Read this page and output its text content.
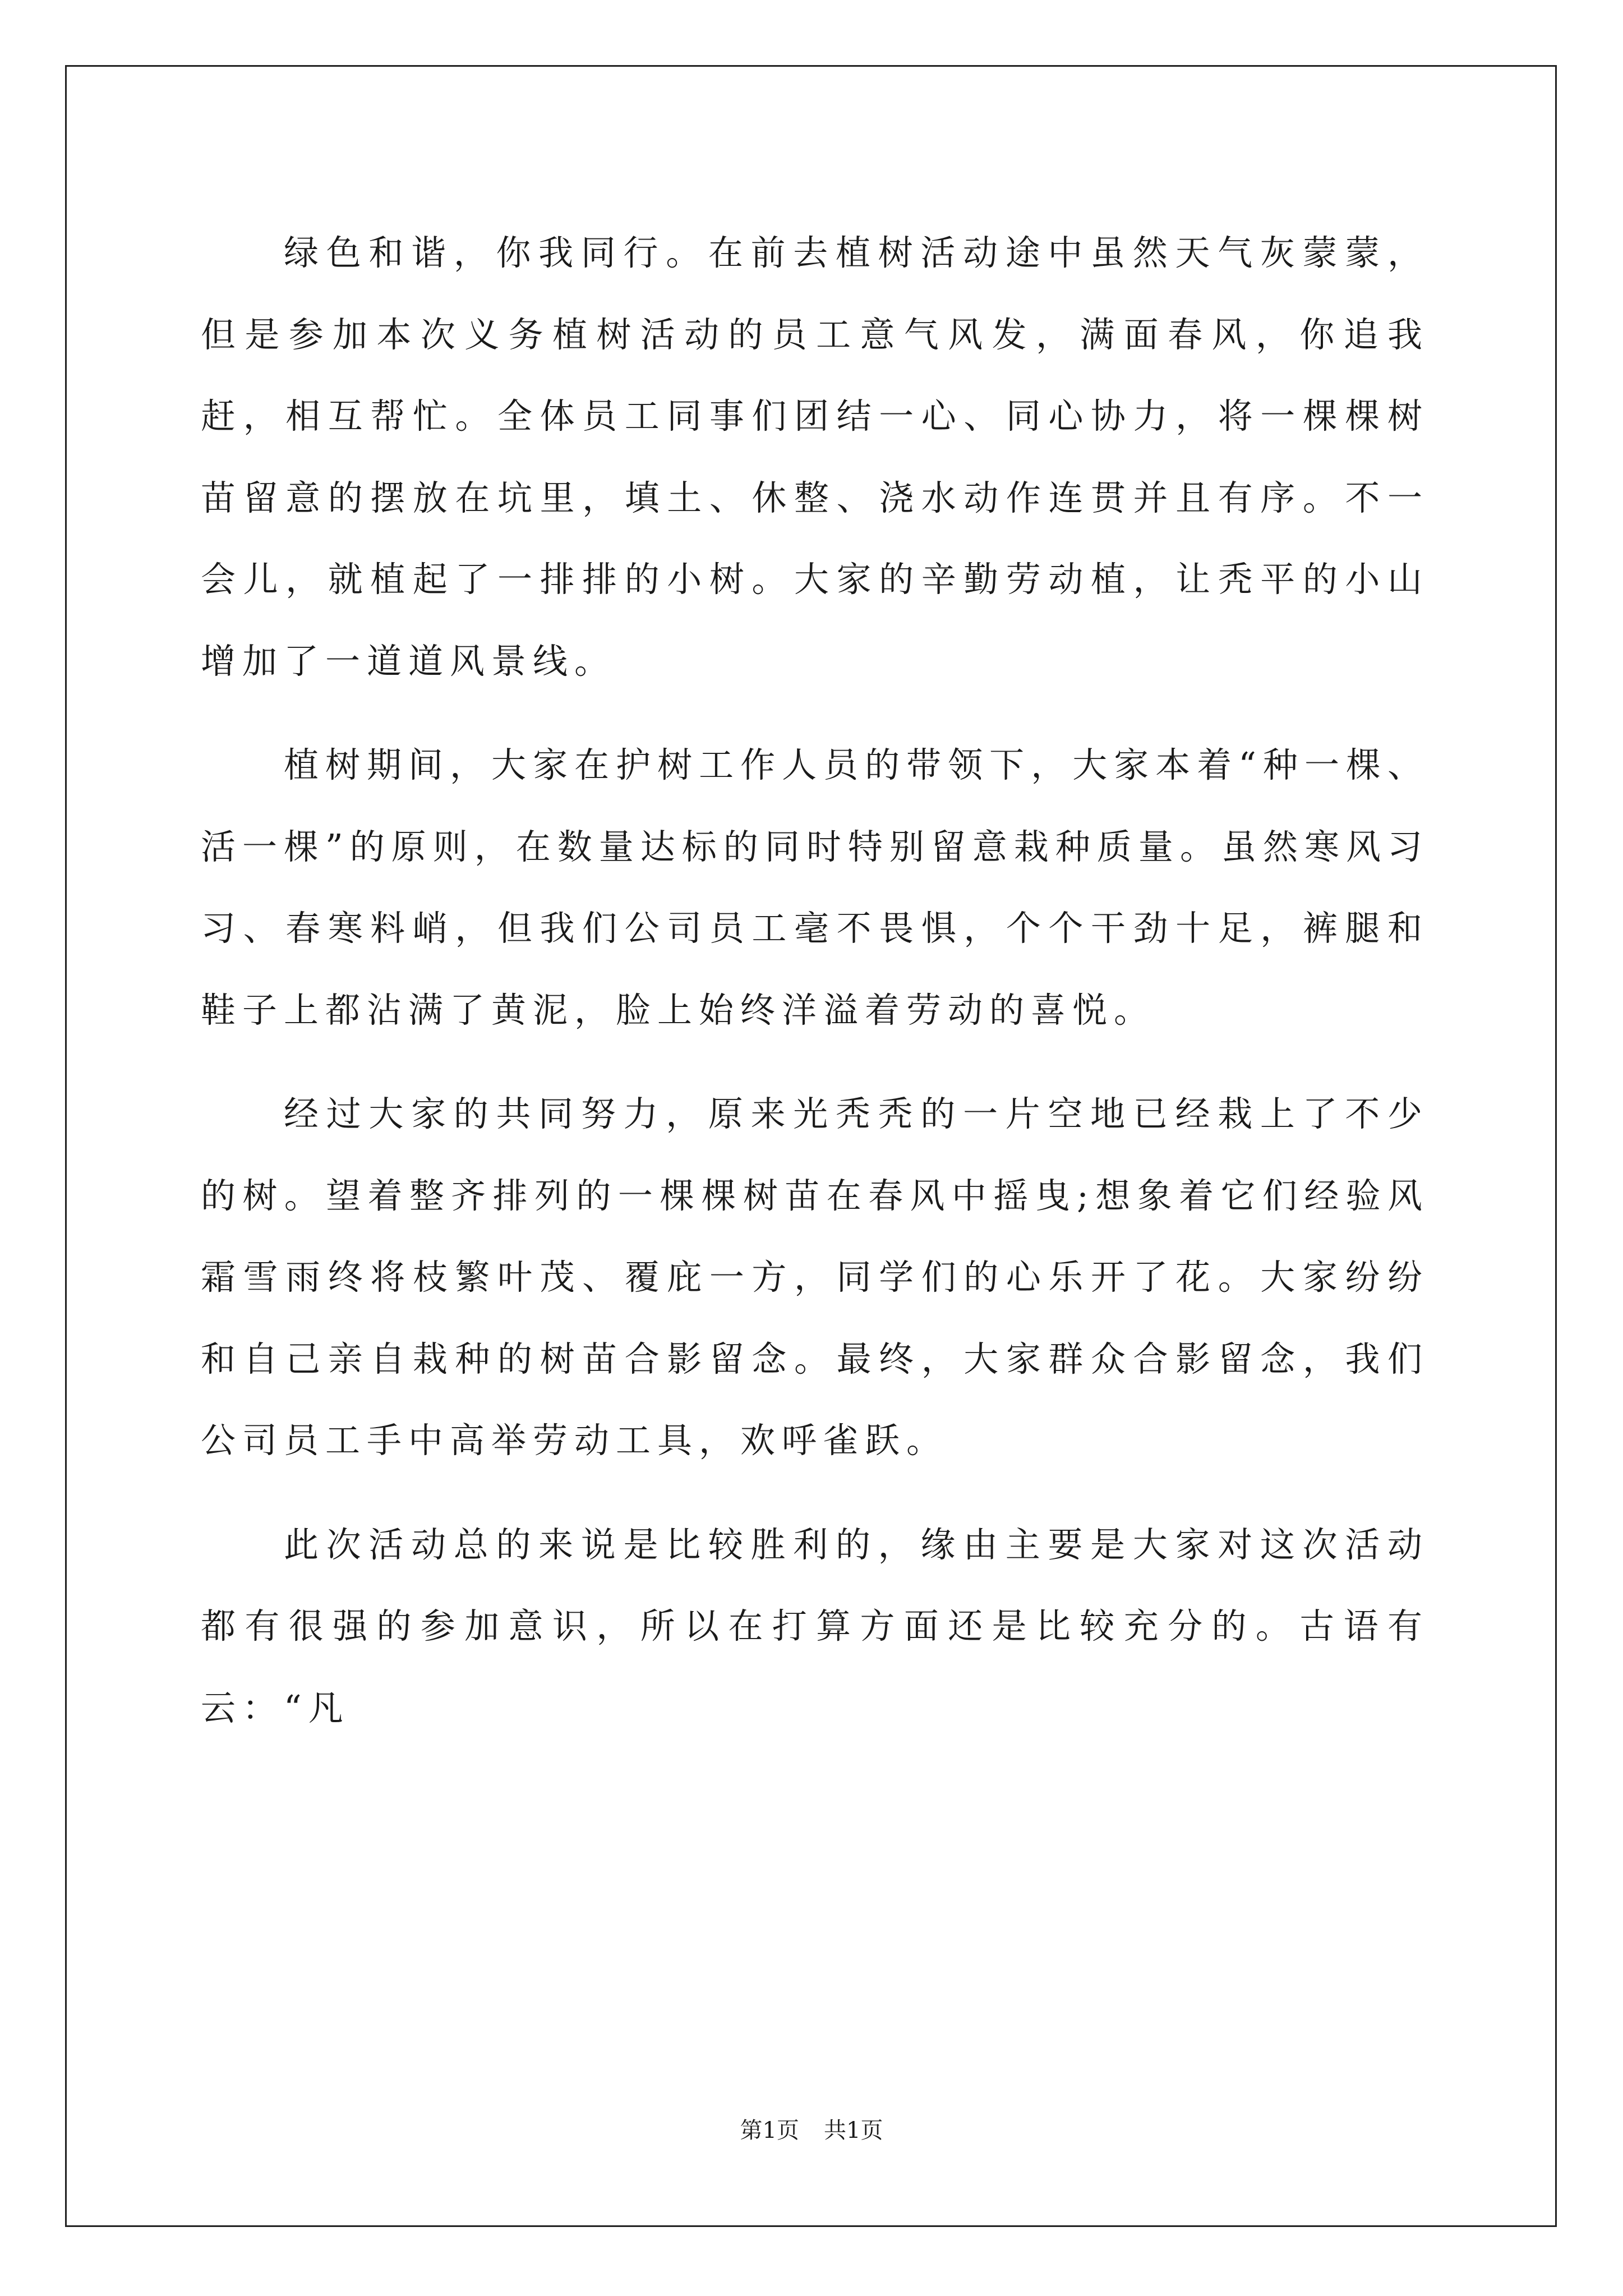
绿色和谐，你我同行。在前去植树活动途中虽然天气灰蒙蒙，但是参加本次义务植树活动的员工意气风发，满面春风，你追我赶，相互帮忙。全体员工同事们团结一心、同心协力，将一棵棵树苗留意的摆放在坑里，填土、休整、浇水动作连贯并且有序。不一会儿，就植起了一排排的小树。大家的辛勤劳动植，让秃平的小山增加了一道道风景线。

植树期间，大家在护树工作人员的带领下，大家本着“种一棵、活一棵”的原则，在数量达标的同时特别留意栽种质量。虽然寒风习习、春寒料峭，但我们公司员工毫不畏惧，个个干劲十足，裤腿和鞋子上都沾满了黄泥，脸上始终洋溢着劳动的喜悦。

经过大家的共同努力，原来光秃秃的一片空地已经栽上了不少的树。望着整齐排列的一棵棵树苗在春风中摇曳;想象着它们经验风霜雪雨终将枝繁叶茂、覆庇一方，同学们的心乐开了花。大家纷纷和自己亲自栽种的树苗合影留念。最终，大家群众合影留念，我们公司员工手中高举劳动工具，欢呼雀跃。

此次活动总的来说是比较胜利的，缘由主要是大家对这次活动都有很强的参加意识，所以在打算方面还是比较充分的。古语有云：“凡

第1页 共1页
